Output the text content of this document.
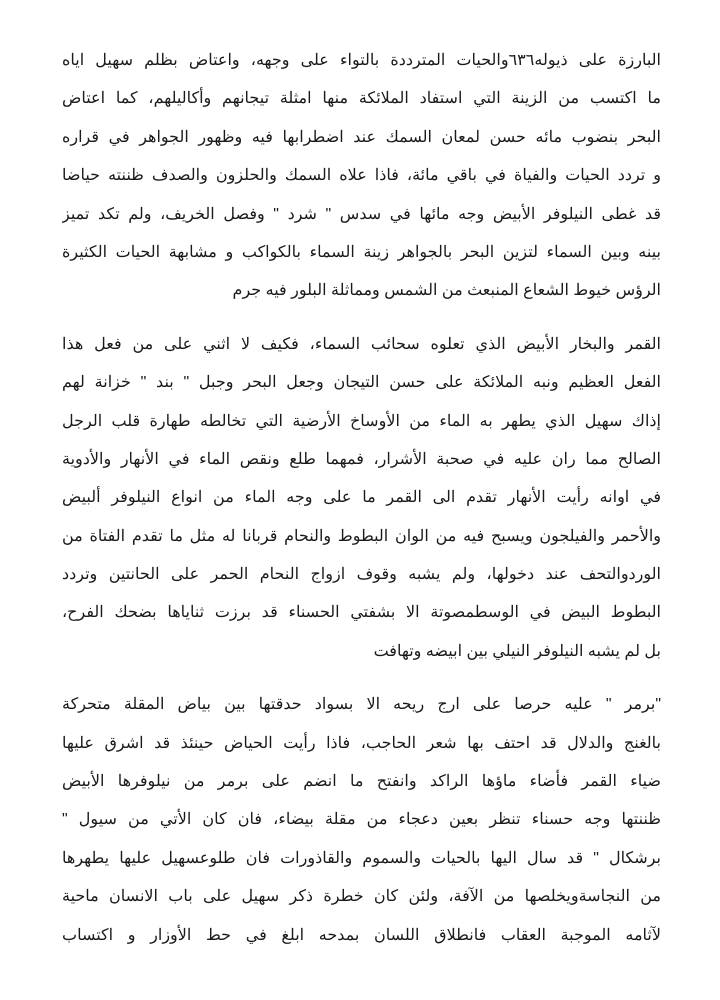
البارزة على ذيوله٦٣٦والحيات المترددة بالتواء على وجهه، واعتاض بظلم سهيل اياه
ما اكتسب من الزينة التي استفاد الملائكة منها امثلة تيجانهم وأكاليلهم، كما اعتاض
البحر بنضوب مائه حسن لمعان السمك عند اضطرابها فيه وظهور الجواهر في قراره
و تردد الحيات والفياة في باقي مائة، فاذا علاه السمك والحلزون والصدف ظننته حياضا
قد غطى النيلوفر الأبيض وجه مائها في سدس " شرد " وفصل الخريف، ولم تكد تميز
بينه وبين السماء لتزين البحر بالجواهر زينة السماء بالكواكب و مشابهة الحيات الكثيرة
الرؤس خيوط الشعاع المنبعث من الشمس ومماثلة البلور فيه جرم
القمر والبخار الأبيض الذي تعلوه سحائب السماء، فكيف لا اثني على من فعل هذا
الفعل العظيم ونبه الملائكة على حسن التيجان وجعل البحر وجبل " بند " خزانة لهم
إذاك سهيل الذي يطهر به الماء من الأوساخ الأرضية التي تخالطه طهارة قلب الرجل
الصالح مما ران عليه في صحبة الأشرار، فمهما طلع ونقص الماء في الأنهار والأدوية
في اوانه رأيت الأنهار تقدم الى القمر ما على وجه الماء من انواع النيلوفر ألبيض
والأحمر والفيلجون ويسبح فيه من الوان البطوط والنحام قربانا له مثل ما تقدم الفتاة من
الوردوالتحف عند دخولها، ولم يشبه وقوف ازواج النحام الحمر على الحانتين وتردد
البطوط البيض في الوسطمصوتة الا بشفتي الحسناء قد برزت ثناياها بضحك الفرح،
بل لم يشبه النيلوفر النيلي بين ابيضه وتهافت
"برمر " عليه حرصا على ارج ريحه الا بسواد حدقتها بين بياض المقلة متحركة
بالغنج والدلال قد احتف بها شعر الحاجب، فاذا رأيت الحياض حينئذ قد اشرق عليها
ضياء القمر فأضاء ماؤها الراكد وانفتح ما انضم على برمر من نيلوفرها الأبيض
ظننتها وجه حسناء تنظر بعين دعجاء من مقلة بيضاء، فان كان الأتي من سيول "
برشكال " قد سال اليها بالحيات والسموم والقاذورات فان طلوعسهيل عليها يطهرها
من النجاسةويخلصها من الآفة، ولئن كان خطرة ذكر سهيل على باب الانسان ماحية
لآثامه الموجبة العقاب فانطلاق اللسان بمدحه ابلغ في حط الأوزار و اكتساب
